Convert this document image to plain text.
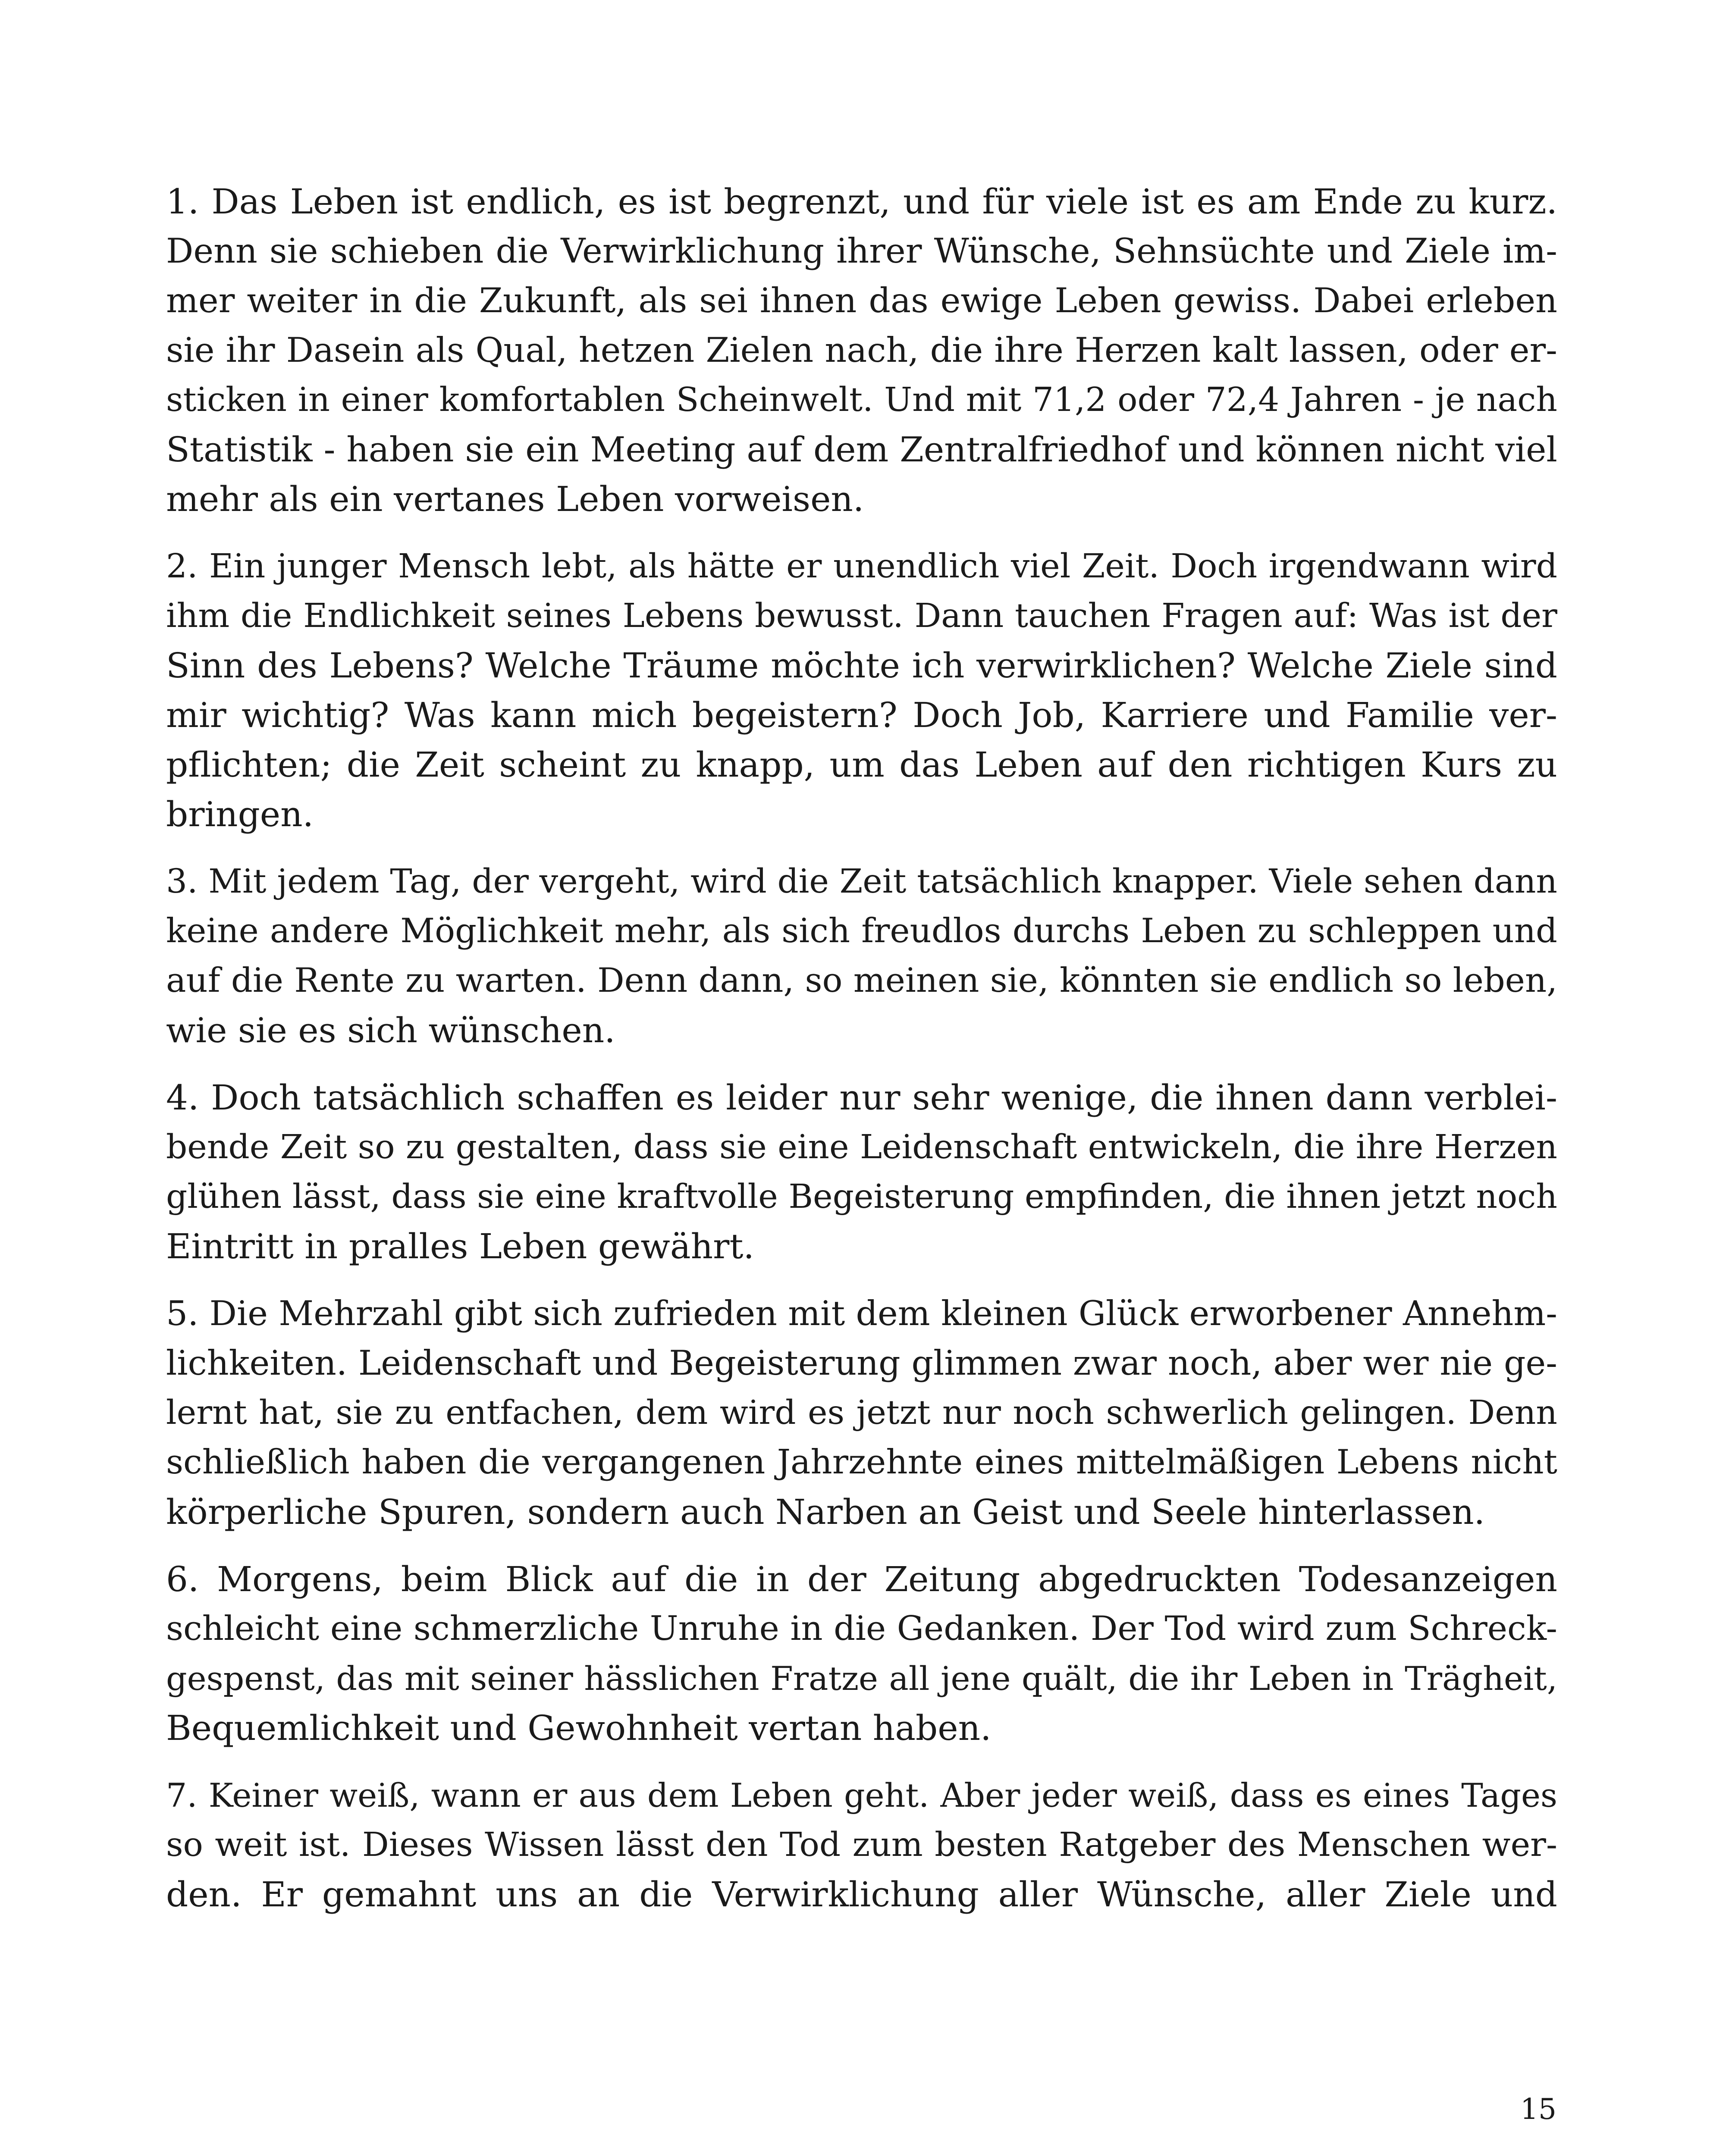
1. Das Leben ist endlich, es ist begrenzt, und für viele ist es am Ende zu kurz.
Denn sie schieben die Verwirklichung ihrer Wünsche, Sehnsüchte und Ziele im-
mer weiter in die Zukunft, als sei ihnen das ewige Leben gewiss. Dabei erleben
sie ihr Dasein als Qual, hetzen Zielen nach, die ihre Herzen kalt lassen, oder er-
sticken in einer komfortablen Scheinwelt. Und mit 71,2 oder 72,4 Jahren - je nach
Statistik - haben sie ein Meeting auf dem Zentralfriedhof und können nicht viel
mehr als ein vertanes Leben vorweisen.

2. Ein junger Mensch lebt, als hätte er unendlich viel Zeit. Doch irgendwann wird
ihm die Endlichkeit seines Lebens bewusst. Dann tauchen Fragen auf: Was ist der
Sinn des Lebens? Welche Träume möchte ich verwirklichen? Welche Ziele sind
mir wichtig? Was kann mich begeistern? Doch Job, Karriere und Familie ver-
pflichten; die Zeit scheint zu knapp, um das Leben auf den richtigen Kurs zu
bringen.

3. Mit jedem Tag, der vergeht, wird die Zeit tatsächlich knapper. Viele sehen dann
keine andere Möglichkeit mehr, als sich freudlos durchs Leben zu schleppen und
auf die Rente zu warten. Denn dann, so meinen sie, könnten sie endlich so leben,
wie sie es sich wünschen.

4. Doch tatsächlich schaffen es leider nur sehr wenige, die ihnen dann verblei-
bende Zeit so zu gestalten, dass sie eine Leidenschaft entwickeln, die ihre Herzen
glühen lässt, dass sie eine kraftvolle Begeisterung empfinden, die ihnen jetzt noch
Eintritt in pralles Leben gewährt.

5. Die Mehrzahl gibt sich zufrieden mit dem kleinen Glück erworbener Annehm-
lichkeiten. Leidenschaft und Begeisterung glimmen zwar noch, aber wer nie ge-
lernt hat, sie zu entfachen, dem wird es jetzt nur noch schwerlich gelingen. Denn
schließlich haben die vergangenen Jahrzehnte eines mittelmäßigen Lebens nicht
körperliche Spuren, sondern auch Narben an Geist und Seele hinterlassen.

6. Morgens, beim Blick auf die in der Zeitung abgedruckten Todesanzeigen
schleicht eine schmerzliche Unruhe in die Gedanken. Der Tod wird zum Schreck-
gespenst, das mit seiner hässlichen Fratze all jene quält, die ihr Leben in Trägheit,
Bequemlichkeit und Gewohnheit vertan haben.

7. Keiner weiß, wann er aus dem Leben geht. Aber jeder weiß, dass es eines Tages
so weit ist. Dieses Wissen lässt den Tod zum besten Ratgeber des Menschen wer-
den. Er gemahnt uns an die Verwirklichung aller Wünsche, aller Ziele und

15
